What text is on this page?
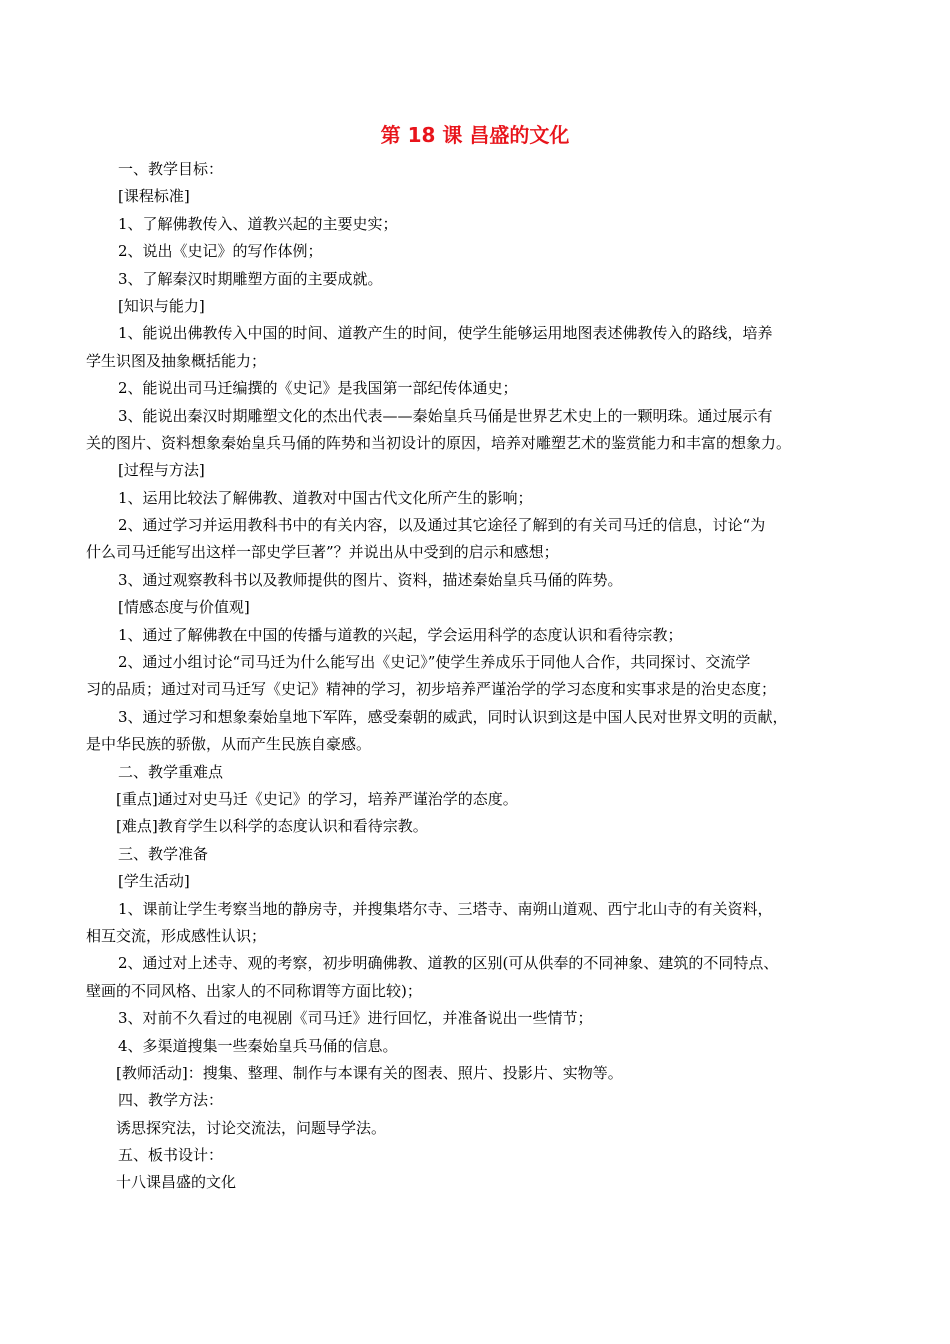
第 18 课 昌盛的文化
一、教学目标：
[课程标准]
1、了解佛教传入、道教兴起的主要史实；
2、说出《史记》的写作体例；
3、了解秦汉时期雕塑方面的主要成就。
[知识与能力]
1、能说出佛教传入中国的时间、道教产生的时间，使学生能够运用地图表述佛教传入的路线，培养
学生识图及抽象概括能力；
2、能说出司马迁编撰的《史记》是我国第一部纪传体通史；
3、能说出秦汉时期雕塑文化的杰出代表——秦始皇兵马俑是世界艺术史上的一颗明珠。通过展示有
关的图片、资料想象秦始皇兵马俑的阵势和当初设计的原因，培养对雕塑艺术的鉴赏能力和丰富的想象力。
[过程与方法]
1、运用比较法了解佛教、道教对中国古代文化所产生的影响；
2、通过学习并运用教科书中的有关内容，以及通过其它途径了解到的有关司马迁的信息，讨论“为
什么司马迁能写出这样一部史学巨著”？并说出从中受到的启示和感想；
3、通过观察教科书以及教师提供的图片、资料，描述秦始皇兵马俑的阵势。
[情感态度与价值观]
1、通过了解佛教在中国的传播与道教的兴起，学会运用科学的态度认识和看待宗教；
2、通过小组讨论“司马迁为什么能写出《史记》”使学生养成乐于同他人合作，共同探讨、交流学
习的品质；通过对司马迁写《史记》精神的学习，初步培养严谨治学的学习态度和实事求是的治史态度；
3、通过学习和想象秦始皇地下军阵，感受秦朝的威武，同时认识到这是中国人民对世界文明的贡献，
是中华民族的骄傲，从而产生民族自豪感。
二、教学重难点
[重点]通过对史马迁《史记》的学习，培养严谨治学的态度。
[难点]教育学生以科学的态度认识和看待宗教。
三、教学准备
[学生活动]
1、课前让学生考察当地的静房寺，并搜集塔尔寺、三塔寺、南朔山道观、西宁北山寺的有关资料，
相互交流，形成感性认识；
2、通过对上述寺、观的考察，初步明确佛教、道教的区别(可从供奉的不同神象、建筑的不同特点、
壁画的不同风格、出家人的不同称谓等方面比较)；
3、对前不久看过的电视剧《司马迁》进行回忆，并准备说出一些情节；
4、多渠道搜集一些秦始皇兵马俑的信息。
[教师活动]：搜集、整理、制作与本课有关的图表、照片、投影片、实物等。
四、教学方法：
诱思探究法，讨论交流法，问题导学法。
五、板书设计：
十八课昌盛的文化
